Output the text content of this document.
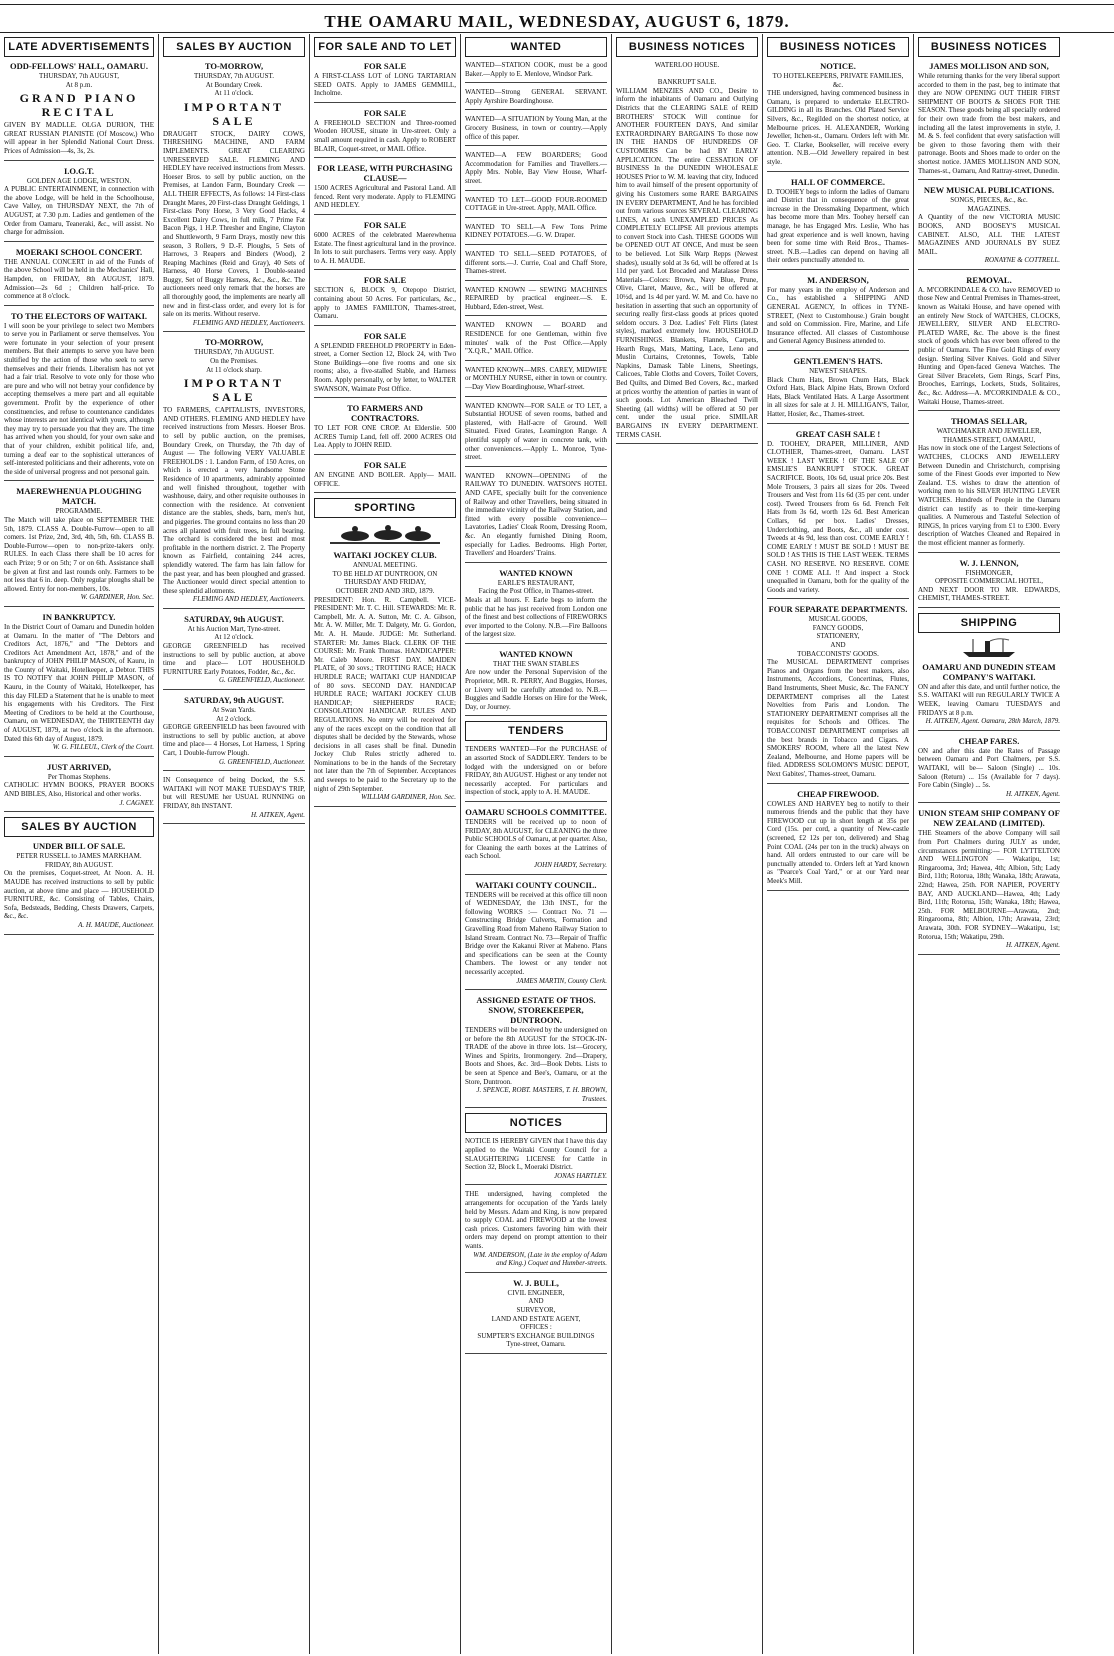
THE OAMARU MAIL, WEDNESDAY, AUGUST 6, 1879.
LATE ADVERTISEMENTS
ODD-FELLOWS' HALL, OAMARU.
THURSDAY, 7th AUGUST,
At 8 p.m.
GRAND PIANO RECITAL
GIVEN BY MADLLE. OLGA DURION, THE GREAT RUSSIAN PIANISTE (Of Moscow,) Who will appear in her Splendid National Court Dress. Prices of Admission—4s, 3s, 2s.
I.O.G.T.
GOLDEN AGE LODGE, WESTON.
A PUBLIC ENTERTAINMENT, in connection with the above Lodge, will be held in the Schoolhouse, Cave Valley, on THURSDAY NEXT, the 7th of AUGUST, at 7.30 p.m. Ladies and gentlemen of the Order from Oamaru, Teaneraki, &c., will assist. No charge for admission.
MOERAKI SCHOOL CONCERT.
THE ANNUAL CONCERT in aid of the Funds of the above School will be held in the Mechanics' Hall, Hampden, on FRIDAY, 8th AUGUST, 1879. Admission—2s 6d ; Children half-price. To commence at 8 o'clock.
TO THE ELECTORS OF WAITAKI.
I will soon be your privilege to select two Members to serve you in Parliament or serve themselves. You were fortunate in your selection of your present members. But their attempts to serve you have been stultified by the action of those who seek to serve themselves and their friends. Liberalism has not yet had a fair trial. Resolve to vote only for those who are pure and who will not betray your confidence by accepting themselves a mere part and all equitable government. Profit by the experience of other constituencies, and refuse to countenance candidates whose interests are not identical with yours, although they may try to persuade you that they are. The time has arrived when you should, for your own sake and that of your children, exhibit political life, and, turning a deaf ear to the sophistical utterances of self-interested politicians and their adherents, vote on the side of universal progress and not personal gain.
MAEREWHENUA PLOUGHING MATCH.
PROGRAMME.
The Match will take place on SEPTEMBER THE 5th, 1879. CLASS A. Double-Furrow—open to all comers. 1st Prize, 2nd, 3rd, 4th, 5th, 6th. CLASS B. Double-Furrow—open to non-prize-takers only. RULES. In each Class there shall be 10 acres for each Prize; 9 or on 5th; 7 or on 6th. Assistance shall be given at first and last rounds only. Farmers to be not less that 6 in. deep. Only regular ploughs shall be allowed. Entry for non-members, 10s.
W. GARDINER, Hon. Sec.
IN BANKRUPTCY.
In the District Court of Oamaru and Dunedin holden at Oamaru. In the matter of "The Debtors and Creditors Act, 1876," and "The Debtors and Creditors Act Amendment Act, 1878," and of the bankruptcy of JOHN PHILIP MASON, of Kauru, in the County of Waitaki, Hotelkeeper, a Debtor. THIS IS TO NOTIFY that JOHN PHILIP MASON, of Kauru, in the County of Waitaki, Hotelkeeper, has this day FILED a Statement that he is unable to meet his engagements with his Creditors. The First Meeting of Creditors to be held at the Courthouse, Oamaru, on WEDNESDAY, the THIRTEENTH day of AUGUST, 1879, at two o'clock in the afternoon. Dated this 6th day of August, 1879.
W. G. FILLEUL, Clerk of the Court.
JUST ARRIVED,
Per Thomas Stephens.
CATHOLIC HYMN BOOKS, PRAYER BOOKS AND BIBLES, Also, Historical and other works.
J. CAGNEY.
SALES BY AUCTION
UNDER BILL OF SALE.
PETER RUSSELL to JAMES MARKHAM.
FRIDAY, 8th AUGUST.
On the premises, Coquet-street, At Noon. A. H. MAUDE has received instructions to sell by public auction, at above time and place — HOUSEHOLD FURNITURE, &c. Consisting of Tables, Chairs, Sofa, Bedsteads, Bedding, Chests Drawers, Carpets, &c., &c.
A. H. MAUDE, Auctioneer.
SALES BY AUCTION
TO-MORROW,
THURSDAY, 7th AUGUST.
At Boundary Creek.
At 11 o'clock.
IMPORTANT SALE
DRAUGHT STOCK, DAIRY COWS, THRESHING MACHINE, AND FARM IMPLEMENTS. GREAT CLEARING UNRESERVED SALE. FLEMING AND HEDLEY have received instructions from Messrs. Hoeser Bros. to sell by public auction, on the Premises, at Landon Farm, Boundary Creek — ALL THEIR EFFECTS, As follows: 14 First-class Draught Mares, 20 First-class Draught Geldings, 1 First-class Pony Horse, 3 Very Good Hacks, 4 Excellent Dairy Cows, in full milk, 7 Prime Fat Bacon Pigs, 1 H.P. Thresher and Engine, Clayton and Shuttleworth, 9 Farm Drays, mostly new this season, 3 Rollers, 9 D.-F. Ploughs, 5 Sets of Harrows, 3 Reapers and Binders (Wood), 2 Reaping Machines (Reid and Gray), 40 Sets of Harness, 40 Horse Covers, 1 Double-seated Buggy, Set of Buggy Harness, &c., &c., &c. The auctioneers need only remark that the horses are all thoroughly good, the implements are nearly all new and in first-class order, and every lot is for sale on its merits. Without reserve.
FLEMING AND HEDLEY, Auctioneers.
TO-MORROW,
THURSDAY, 7th AUGUST.
On the Premises.
At 11 o'clock sharp.
IMPORTANT SALE
TO FARMERS, CAPITALISTS, INVESTORS, AND OTHERS. FLEMING AND HEDLEY have received instructions from Messrs. Hoeser Bros. to sell by public auction, on the premises, Boundary Creek, on Thursday, the 7th day of August — The following VERY VALUABLE FREEHOLDS : 1. Landon Farm, of 150 Acres, on which is erected a very handsome Stone Residence of 10 apartments, admirably appointed and well finished throughout, together with washhouse, dairy, and other requisite outhouses in connection with the residence. At convenient distance are the stables, sheds, barn, men's hut, and piggeries. The ground contains no less than 20 acres all planted with fruit trees, in full bearing. The orchard is considered the best and most profitable in the northern district. 2. The Property known as Fairfield, containing 244 acres, splendidly watered. The farm has lain fallow for the past year, and has been ploughed and grassed. The Auctioneer would direct special attention to these splendid allotments.
FLEMING AND HEDLEY, Auctioneers.
SATURDAY, 9th AUGUST.
At his Auction Mart, Tyne-street.
At 12 o'clock.
GEORGE GREENFIELD has received instructions to sell by public auction, at above time and place— LOT HOUSEHOLD FURNITURE Early Potatoes, Fodder, &c., &c.
G. GREENFIELD, Auctioneer.
SATURDAY, 9th AUGUST.
At Swan Yards.
At 2 o'clock.
GEORGE GREENFIELD has been favoured with instructions to sell by public auction, at above time and place— 4 Horses, Lot Harness, 1 Spring Cart, 1 Double-furrow Plough.
G. GREENFIELD, Auctioneer.
IN Consequence of being Docked, the S.S. WAITAKI will NOT MAKE TUESDAY'S TRIP, but will RESUME her USUAL RUNNING on FRIDAY, 8th INSTANT.
H. AITKEN, Agent.
FOR SALE AND TO LET
FOR SALE
A FIRST-CLASS LOT of LONG TARTARIAN SEED OATS. Apply to JAMES GEMMILL, Incholme.
FOR SALE
A FREEHOLD SECTION and Three-roomed Wooden HOUSE, situate in Ure-street. Only a small amount required in cash. Apply to ROBERT BLAIR, Coquet-street, or MAIL Office.
FOR LEASE, WITH PURCHASING CLAUSE—
1500 ACRES Agricultural and Pastoral Land. All fenced. Rent very moderate. Apply to FLEMING AND HEDLEY.
FOR SALE
6000 ACRES of the celebrated Maerewhenua Estate. The finest agricultural land in the province. In lots to suit purchasers. Terms very easy. Apply to A. H. MAUDE.
FOR SALE
SECTION 6, BLOCK 9, Otepopo District, containing about 50 Acres. For particulars, &c., apply to JAMES FAMILTON, Thames-street, Oamaru.
FOR SALE
A SPLENDID FREEHOLD PROPERTY in Eden-street, a Corner Section 12, Block 24, with Two Stone Buildings—one five rooms and one six rooms; also, a five-stalled Stable, and Harness Room. Apply personally, or by letter, to WALTER SWANSON, Waimate Post Office.
TO FARMERS AND CONTRACTORS.
TO LET FOR ONE CROP. At Elderslie. 500 ACRES Turnip Land, fell off. 2000 ACRES Old Lea. Apply to JOHN REID.
FOR SALE
AN ENGINE AND BOILER. Apply— MAIL OFFICE.
SPORTING
WAITAKI JOCKEY CLUB.
ANNUAL MEETING.
TO BE HELD AT DUNTROON, ON THURSDAY AND FRIDAY,
OCTOBER 2ND AND 3RD, 1879.
PRESIDENT: Hon. R. Campbell. VICE-PRESIDENT: Mr. T. C. Hill. STEWARDS: Mr. R. Campbell, Mr. A. A. Sutton, Mr. C. A. Gibson, Mr. A. W. Miller, Mr. T. Dalgety, Mr. G. Gordon, Mr. A. H. Maude. JUDGE: Mr. Sutherland. STARTER: Mr. James Black. CLERK OF THE COURSE: Mr. Frank Thomas. HANDICAPPER: Mr. Caleb Moore. FIRST DAY. MAIDEN PLATE, of 30 sovs.; TROTTING RACE; HACK HURDLE RACE; WAITAKI CUP HANDICAP of 80 sovs. SECOND DAY. HANDICAP HURDLE RACE; WAITAKI JOCKEY CLUB HANDICAP; SHEPHERDS' RACE; CONSOLATION HANDICAP. RULES AND REGULATIONS. No entry will be received for any of the races except on the condition that all disputes shall be decided by the Stewards, whose decisions in all cases shall be final. Dunedin Jockey Club Rules strictly adhered to. Nominations to be in the hands of the Secretary not later than the 7th of September. Acceptances and sweeps to be paid to the Secretary up to the night of 29th September.
WILLIAM GARDINER, Hon. Sec.
WANTED
WANTED—STATION COOK, must be a good Baker.—Apply to E. Menlove, Windsor Park.
WANTED—Strong GENERAL SERVANT. Apply Ayrshire Boardinghouse.
WANTED—A SITUATION by Young Man, at the Grocery Business, in town or country.—Apply office of this paper.
WANTED—A FEW BOARDERS; Good Accommodation for Families and Travellers.—Apply Mrs. Noble, Bay View House, Wharf-street.
WANTED TO LET—GOOD FOUR-ROOMED COTTAGE in Ure-street. Apply, MAIL Office.
WANTED TO SELL—A Few Tons Prime KIDNEY POTATOES.—G. W. Draper.
WANTED TO SELL—SEED POTATOES, of different sorts.—J. Currie, Coal and Chaff Store, Thames-street.
WANTED KNOWN — SEWING MACHINES REPAIRED by practical engineer.—S. E. Hubbard, Eden-street, West.
WANTED KNOWN — BOARD and RESIDENCE for one Gentleman, within five minutes' walk of the Post Office.—Apply "X.Q.R.," MAIL Office.
WANTED KNOWN—MRS. CAREY, MIDWIFE or MONTHLY NURSE, either in town or country.—Day View Boardinghouse, Wharf-street.
WANTED KNOWN—FOR SALE or TO LET, a Substantial HOUSE of seven rooms, bathed and plastered, with Half-acre of Ground. Well Situated. Fixed Grates, Leamington Range. A plentiful supply of water in concrete tank, with other conveniences.—Apply L. Monroe, Tyne-street.
WANTED KNOWN—OPENING of the RAILWAY TO DUNEDIN. WATSON'S HOTEL AND CAFE, specially built for the convenience of Railway and other Travellers, being situated in the immediate vicinity of the Railway Station, and fitted with every possible convenience—Lavatories, Ladies' Cloak Room, Dressing Room, &c. An elegantly furnished Dining Room, especially for Ladies. Bedrooms. High Porter, Travellers' and Hoarders' Trains.
WANTED KNOWN
EARLE'S RESTAURANT,
Facing the Post Office, in Thames-street.
Meals at all hours. F. Earle begs to inform the public that he has just received from London one of the finest and best collections of FIREWORKS ever imported to the Colony. N.B.—Fire Balloons of the largest size.
WANTED KNOWN
THAT THE SWAN STABLES
Are now under the Personal Supervision of the Proprietor, MR. R. PERRY, And Buggies, Horses, or Livery will be carefully attended to. N.B.—Buggies and Saddle Horses on Hire for the Week, Day, or Journey.
TENDERS
TENDERS WANTED—For the PURCHASE of an assorted Stock of SADDLERY. Tenders to be lodged with the undersigned on or before FRIDAY, 8th AUGUST. Highest or any tender not necessarily accepted. For particulars and inspection of stock, apply to A. H. MAUDE.
OAMARU SCHOOLS COMMITTEE.
TENDERS will be received up to noon of FRIDAY, 8th AUGUST, for CLEANING the three Public SCHOOLS of Oamaru, at per quarter. Also, for Cleaning the earth boxes at the Latrines of each School.
JOHN HARDY, Secretary.
WAITAKI COUNTY COUNCIL.
TENDERS will be received at this office till noon of WEDNESDAY, the 13th INST., for the following WORKS :— Contract No. 71 — Constructing Bridge Culverts, Formation and Gravelling Road from Maheno Railway Station to Island Stream. Contract No. 73—Repair of Traffic Bridge over the Kakanui River at Maheno. Plans and specifications can be seen at the County Chambers. The lowest or any tender not necessarily accepted.
JAMES MARTIN, County Clerk.
ASSIGNED ESTATE OF THOS. SNOW, STOREKEEPER, DUNTROON.
TENDERS will be received by the undersigned on or before the 8th AUGUST for the STOCK-IN-TRADE of the above in three lots. 1st—Grocery, Wines and Spirits, Ironmongery. 2nd—Drapery, Boots and Shoes, &c. 3rd—Book Debts. Lists to be seen at Spence and Bee's, Oamaru, or at the Store, Duntroon.
J. SPENCE, ROBT. MASTERS, T. H. BROWN, Trustees.
NOTICES
NOTICE IS HEREBY GIVEN that I have this day applied to the Waitaki County Council for a SLAUGHTERING LICENSE for Cattle in Section 32, Block L, Moeraki District.
JONAS HARTLEY.
THE undersigned, having completed the arrangements for occupation of the Yards lately held by Messrs. Adam and King, is now prepared to supply COAL and FIREWOOD at the lowest cash prices. Customers favoring him with their orders may depend on prompt attention to their wants.
WM. ANDERSON, (Late in the employ of Adam and King.) Coquet and Humber-streets.
W. J. BULL,
CIVIL ENGINEER,
AND
SURVEYOR,
LAND AND ESTATE AGENT,
OFFICES :
SUMPTER'S EXCHANGE BUILDINGS
Tyne-street, Oamaru.
BUSINESS NOTICES
WATERLOO HOUSE.

BANKRUPT SALE.
WILLIAM MENZIES AND CO., Desire to inform the inhabitants of Oamaru and Outlying Districts that the CLEARING SALE of REID BROTHERS' STOCK Will continue for ANOTHER FOURTEEN DAYS, And similar EXTRAORDINARY BARGAINS To those now IN THE HANDS OF HUNDREDS OF CUSTOMERS Can be had BY EARLY APPLICATION. The entire CESSATION OF BUSINESS In the DUNEDIN WHOLESALE HOUSES Prior to W. M. leaving that city, Induced him to avail himself of the present opportunity of giving his Customers some RARE BARGAINS IN EVERY DEPARTMENT, And he has forcibled out from various sources SEVERAL CLEARING LINES, At such UNEXAMPLED PRICES As COMPLETELY ECLIPSE All previous attempts to convert Stock into Cash. THESE GOODS Will be OPENED OUT AT ONCE, And must be seen to be believed. Lot Silk Warp Repps (Newest shades), usually sold at 3s 6d, will be offered at 1s 11d per yard. Lot Brocaded and Matalasse Dress Materials—Colors: Brown, Navy Blue, Prune, Olive, Claret, Mauve, &c., will be offered at 10½d, and 1s 4d per yard. W. M. and Co. have no hesitation in asserting that such an opportunity of securing really first-class goods at prices quoted seldom occurs. 3 Doz. Ladies' Felt Flirts (latest styles), marked extremely low. HOUSEHOLD FURNISHINGS. Blankets, Flannels, Carpets, Hearth Rugs, Mats, Matting, Lace, Leno and Muslin Curtains, Cretonnes, Towels, Table Napkins, Damask Table Linens, Sheetings, Calicoes, Table Cloths and Covers, Toilet Covers, Bed Quilts, and Dimed Bed Covers, &c., marked at prices worthy the attention of parties in want of such goods. Lot American Bleached Twill Sheeting (all widths) will be offered at 50 per cent. under the usual price. SIMILAR BARGAINS IN EVERY DEPARTMENT. TERMS CASH.
BUSINESS NOTICES
NOTICE.
TO HOTELKEEPERS, PRIVATE FAMILIES, &c.
THE undersigned, having commenced business in Oamaru, is prepared to undertake ELECTRO-GILDING in all its Branches. Old Plated Service Silvers, &c., Regilded on the shortest notice, at Melbourne prices. H. ALEXANDER, Working Jeweller, Itchen-st., Oamaru. Orders left with Mr. Geo. T. Clarke, Bookseller, will receive every attention. N.B.—Old Jewellery repaired in best style.
HALL OF COMMERCE.
D. TOOHEY begs to inform the ladies of Oamaru and District that in consequence of the great increase in the Dressmaking Department, which has become more than Mrs. Toohey herself can manage, he has Engaged Mrs. Leslie, Who has had great experience and is well known, having been for some time with Reid Bros., Thames-street. N.B.—Ladies can depend on having all their orders punctually attended to.
M. ANDERSON,
For many years in the employ of Anderson and Co., has established a SHIPPING AND GENERAL AGENCY, In offices in TYNE-STREET, (Next to Customhouse.) Grain bought and sold on Commission. Fire, Marine, and Life Insurance effected. All classes of Customhouse and General Agency Business attended to.
GENTLEMEN'S HATS.
NEWEST SHAPES.
Black Chum Hats, Brown Chum Hats, Black Oxford Hats, Black Alpine Hats, Brown Oxford Hats, Black Ventilated Hats. A Large Assortment in all sizes for sale at J. H. MILLIGAN'S, Tailor, Hatter, Hosier, &c., Thames-street.
GREAT CASH SALE !
D. TOOHEY, DRAPER, MILLINER, AND CLOTHIER, Thames-street, Oamaru. LAST WEEK ! LAST WEEK ! OF THE SALE OF EMSLIE'S BANKRUPT STOCK. GREAT SACRIFICE. Boots, 10s 6d, usual price 20s. Best Mole Trousers, 3 pairs all sizes for 20s. Tweed Trousers and Vest from 11s 6d (35 per cent. under cost). Tweed Trousers from 6s 6d. French Felt Hats from 3s 6d, worth 12s 6d. Best American Collars, 6d per box. Ladies' Dresses, Underclothing, and Boots, &c., all under cost. Tweeds at 4s 9d, less than cost. COME EARLY ! COME EARLY ! MUST BE SOLD ! MUST BE SOLD ! AS THIS IS THE LAST WEEK. TERMS CASH. NO RESERVE. NO RESERVE. COME ONE ! COME ALL !! And inspect a Stock unequalled in Oamaru, both for the quality of the Goods and variety.
FOUR SEPARATE DEPARTMENTS.
MUSICAL GOODS,
FANCY GOODS,
STATIONERY,
AND
TOBACCONISTS' GOODS.
The MUSICAL DEPARTMENT comprises Pianos and Organs from the best makers, also Instruments, Accordions, Concertinas, Flutes, Band Instruments, Sheet Music, &c. The FANCY DEPARTMENT comprises all the Latest Novelties from Paris and London. The STATIONERY DEPARTMENT comprises all the requisites for Schools and Offices. The TOBACCONIST DEPARTMENT comprises all the best brands in Tobacco and Cigars. A SMOKERS' ROOM, where all the latest New Zealand, Melbourne, and Home papers will be filed. ADDRESS SOLOMON'S MUSIC DEPOT, Next Gabites', Thames-street, Oamaru.
CHEAP FIREWOOD.
COWLES AND HARVEY beg to notify to their numerous friends and the public that they have FIREWOOD cut up in short length at 35s per Cord (15s. per cord, a quantity of New-castle (screened, £2 12s per ton, delivered) and Shag Point COAL (24s per ton in the truck) always on hand. All orders entrusted to our care will be punctually attended to. Orders left at Yard known as "Pearce's Coal Yard," or at our Yard near Meek's Mill.
BUSINESS NOTICES
JAMES MOLLISON AND SON,
While returning thanks for the very liberal support accorded to them in the past, beg to intimate that they are NOW OPENING OUT THEIR FIRST SHIPMENT OF BOOTS & SHOES FOR THE SEASON. These goods being all specially ordered for their own trade from the best makers, and including all the latest improvements in style, J. M. & S. feel confident that every satisfaction will be given to those favoring them with their patronage. Boots and Shoes made to order on the shortest notice. JAMES MOLLISON AND SON, Thames-st., Oamaru, And Rattray-street, Dunedin.
NEW MUSICAL PUBLICATIONS.
SONGS, PIECES, &c., &c.
MAGAZINES.
A Quantity of the new VICTORIA MUSIC BOOKS, AND BOOSEY'S MUSICAL CABINET. ALSO, ALL THE LATEST MAGAZINES AND JOURNALS BY SUEZ MAIL.
RONAYNE & COTTRELL.
REMOVAL.
A. M'CORKINDALE & CO. have REMOVED to those New and Central Premises in Thames-street, known as Waitaki House, and have opened with an entirely New Stock of WATCHES, CLOCKS, JEWELLERY, SILVER AND ELECTRO-PLATED WARE, &c. The above is the finest stock of goods which has ever been offered to the public of Oamaru. The Fine Gold Rings of every design. Sterling Silver Knives. Gold and Silver Hunting and Open-faced Geneva Watches. The Great Silver Bracelets, Gem Rings, Scarf Pins, Brooches, Earrings, Lockets, Studs, Solitaires, &c., &c. Address—A. M'CORKINDALE & CO., Waitaki House, Thames-street.
THOMAS SELLAR,
WATCHMAKER AND JEWELLER,
THAMES-STREET, OAMARU,
Has now in stock one of the Largest Selections of WATCHES, CLOCKS AND JEWELLERY Between Dunedin and Christchurch, comprising some of the Finest Goods ever imported to New Zealand. T.S. wishes to draw the attention of working men to his SILVER HUNTING LEVER WATCHES. Hundreds of People in the Oamaru district can testify as to their time-keeping qualities. A Numerous and Tasteful Selection of RINGS, In prices varying from £1 to £300. Every description of Watches Cleaned and Repaired in the most efficient manner as formerly.
W. J. LENNON,
FISHMONGER,
OPPOSITE COMMERCIAL HOTEL,
AND NEXT DOOR TO MR. EDWARDS, CHEMIST, THAMES-STREET.
SHIPPING
OAMARU AND DUNEDIN STEAM COMPANY'S WAITAKI.
ON and after this date, and until further notice, the S.S. WAITAKI will run REGULARLY TWICE A WEEK, leaving Oamaru TUESDAYS and FRIDAYS at 8 p.m.
H. AITKEN, Agent. Oamaru, 28th March, 1879.
CHEAP FARES.
ON and after this date the Rates of Passage between Oamaru and Port Chalmers, per S.S. WAITAKI, will be— Saloon (Single) ... 10s. Saloon (Return) ... 15s (Available for 7 days). Fore Cabin (Single) ... 5s.
H. AITKEN, Agent.
UNION STEAM SHIP COMPANY OF NEW ZEALAND (LIMITED).
THE Steamers of the above Company will sail from Port Chalmers during JULY as under, circumstances permitting:— FOR LYTTELTON AND WELLINGTON — Wakatipu, 1st; Ringarooma, 3rd; Hawea, 4th; Albion, 5th; Lady Bird, 11th; Rotorua, 18th; Wanaka, 18th; Arawata, 22nd; Hawea, 25th. FOR NAPIER, POVERTY BAY, AND AUCKLAND—Hawea, 4th; Lady Bird, 11th; Rotorua, 15th; Wanaka, 18th; Hawea, 25th. FOR MELBOURNE—Arawata, 2nd; Ringarooma, 8th; Albion, 17th; Arawata, 23rd; Arawata, 30th. FOR SYDNEY—Wakatipu, 1st; Rotorua, 15th; Wakatipu, 29th.
H. AITKEN, Agent.
